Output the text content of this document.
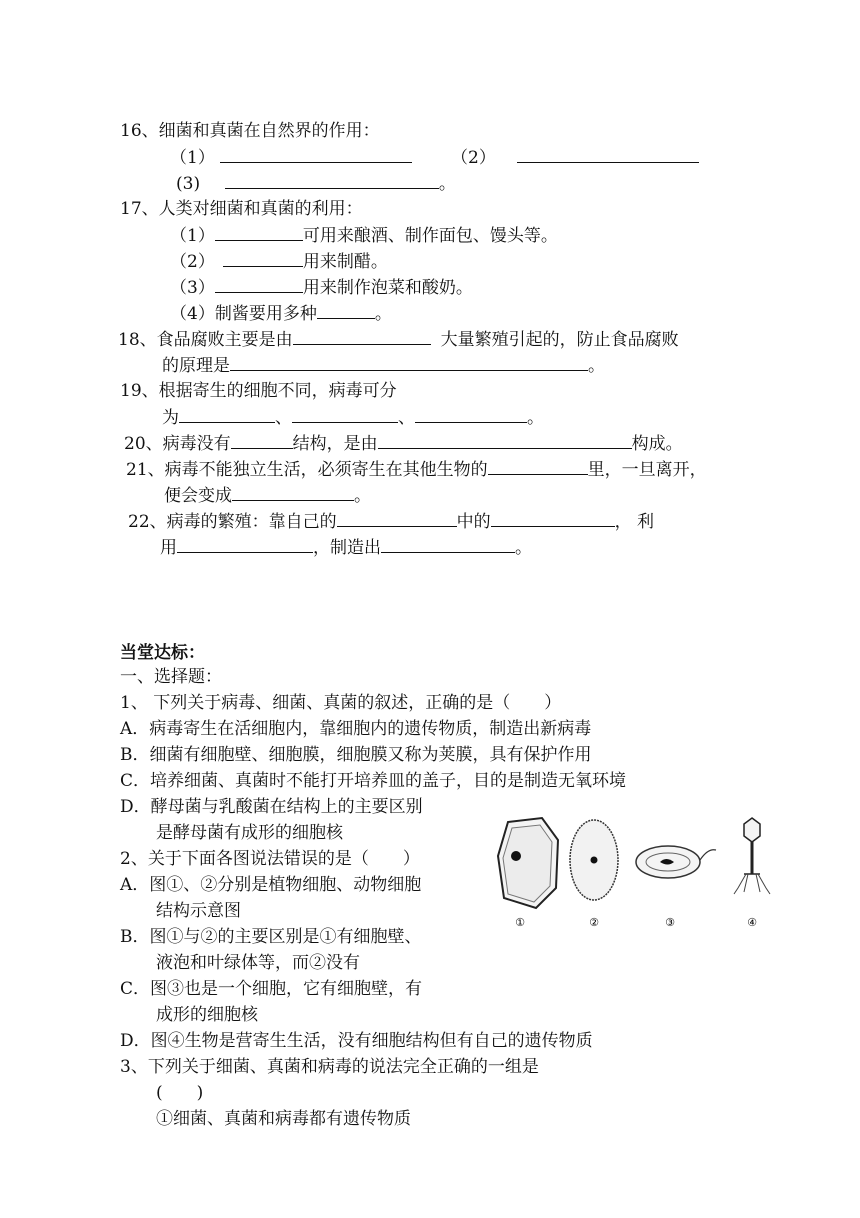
16、细菌和真菌在自然界的作用：
（1）	（2）
(3)	。
17、人类对细菌和真菌的利用：
（1）	可用来酿酒、制作面包、馒头等。
（2）	用来制醋。
（3）	用来制作泡菜和酸奶。
（4）制酱要用多种	。
18、食品腐败主要是由	大量繁殖引起的，防止食品腐败
的原理是	。
19、根据寄生的细胞不同，病毒可分
为	、	、	。
20、病毒没有	结构，是由	构成。
21、病毒不能独立生活，必须寄生在其他生物的	里，一旦离开，
便会变成	。
22、病毒的繁殖：靠自己的	中的	， 利
用	，制造出	。
当堂达标：
一、选择题：
1、 下列关于病毒、细菌、真菌的叙述，正确的是（　　）
A．病毒寄生在活细胞内，靠细胞内的遗传物质，制造出新病毒
B．细菌有细胞壁、细胞膜，细胞膜又称为荚膜，具有保护作用
C．培养细菌、真菌时不能打开培养皿的盖子，目的是制造无氧环境
D．酵母菌与乳酸菌在结构上的主要区别
是酵母菌有成形的细胞核
2、关于下面各图说法错误的是（　　）
A．图①、②分别是植物细胞、动物细胞
结构示意图
B．图①与②的主要区别是①有细胞壁、
液泡和叶绿体等，而②没有
C．图③也是一个细胞，它有细胞壁，有
成形的细胞核
D．图④生物是营寄生生活，没有细胞结构但有自己的遗传物质
3、下列关于细菌、真菌和病毒的说法完全正确的一组是
(　　)
①细菌、真菌和病毒都有遗传物质
①	②	③	④
